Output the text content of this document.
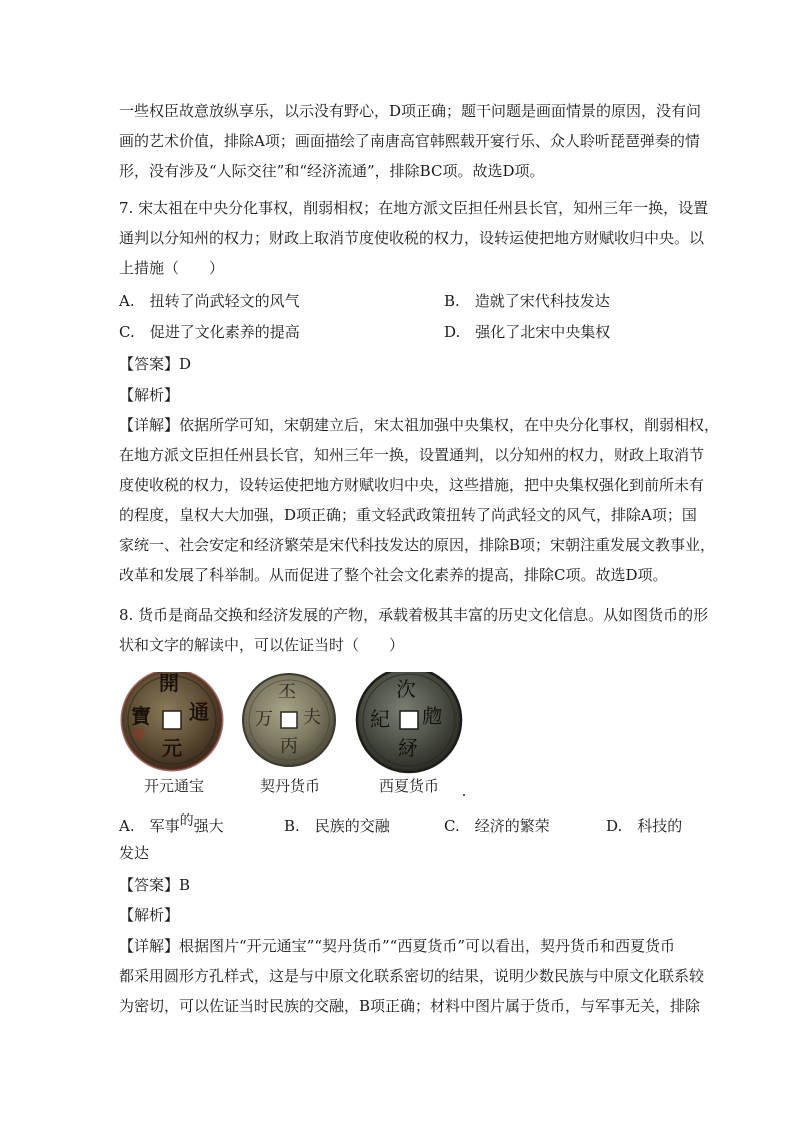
一些权臣故意放纵享乐，以示没有野心，D项正确；题干问题是画面情景的原因，没有问
画的艺术价值，排除A项；画面描绘了南唐高官韩熙载开宴行乐、众人聆听琵琶弹奏的情
形，没有涉及“人际交往”和“经济流通”，排除BC项。故选D项。
7. 宋太祖在中央分化事权，削弱相权；在地方派文臣担任州县长官，知州三年一换，设置
通判以分知州的权力；财政上取消节度使收税的权力，设转运使把地方财赋收归中央。以
上措施（　　）
A.　扭转了尚武轻文的风气	B.　造就了宋代科技发达
C.　促进了文化素养的提高	D.　强化了北宋中央集权
【答案】D
【解析】
【详解】依据所学可知，宋朝建立后，宋太祖加强中央集权，在中央分化事权，削弱相权，
在地方派文臣担任州县长官，知州三年一换，设置通判，以分知州的权力，财政上取消节
度使收税的权力，设转运使把地方财赋收归中央，这些措施，把中央集权强化到前所未有
的程度，皇权大大加强，D项正确；重文轻武政策扭转了尚武轻文的风气，排除A项；国
家统一、社会安定和经济繁荣是宋代科技发达的原因，排除B项；宋朝注重发展文教事业，
改革和发展了科举制。从而促进了整个社会文化素养的提高，排除C项。故选D项。
8. 货币是商品交换和经济发展的产物，承载着极其丰富的历史文化信息。从如图货币的形
状和文字的解读中，可以佐证当时（　　）
開
通
元
寶
丕
夫
丙
万
㳄
虝
䋒
紀
开元通宝	契丹货币	西夏货币
A.　军事的强大	B.　民族的交融	C.　经济的繁荣	D.　科技的
发达
【答案】B
【解析】
【详解】根据图片“开元通宝”“契丹货币”“西夏货币”可以看出，契丹货币和西夏货币
都采用圆形方孔样式，这是与中原文化联系密切的结果，说明少数民族与中原文化联系较
为密切，可以佐证当时民族的交融，B项正确；材料中图片属于货币，与军事无关，排除
